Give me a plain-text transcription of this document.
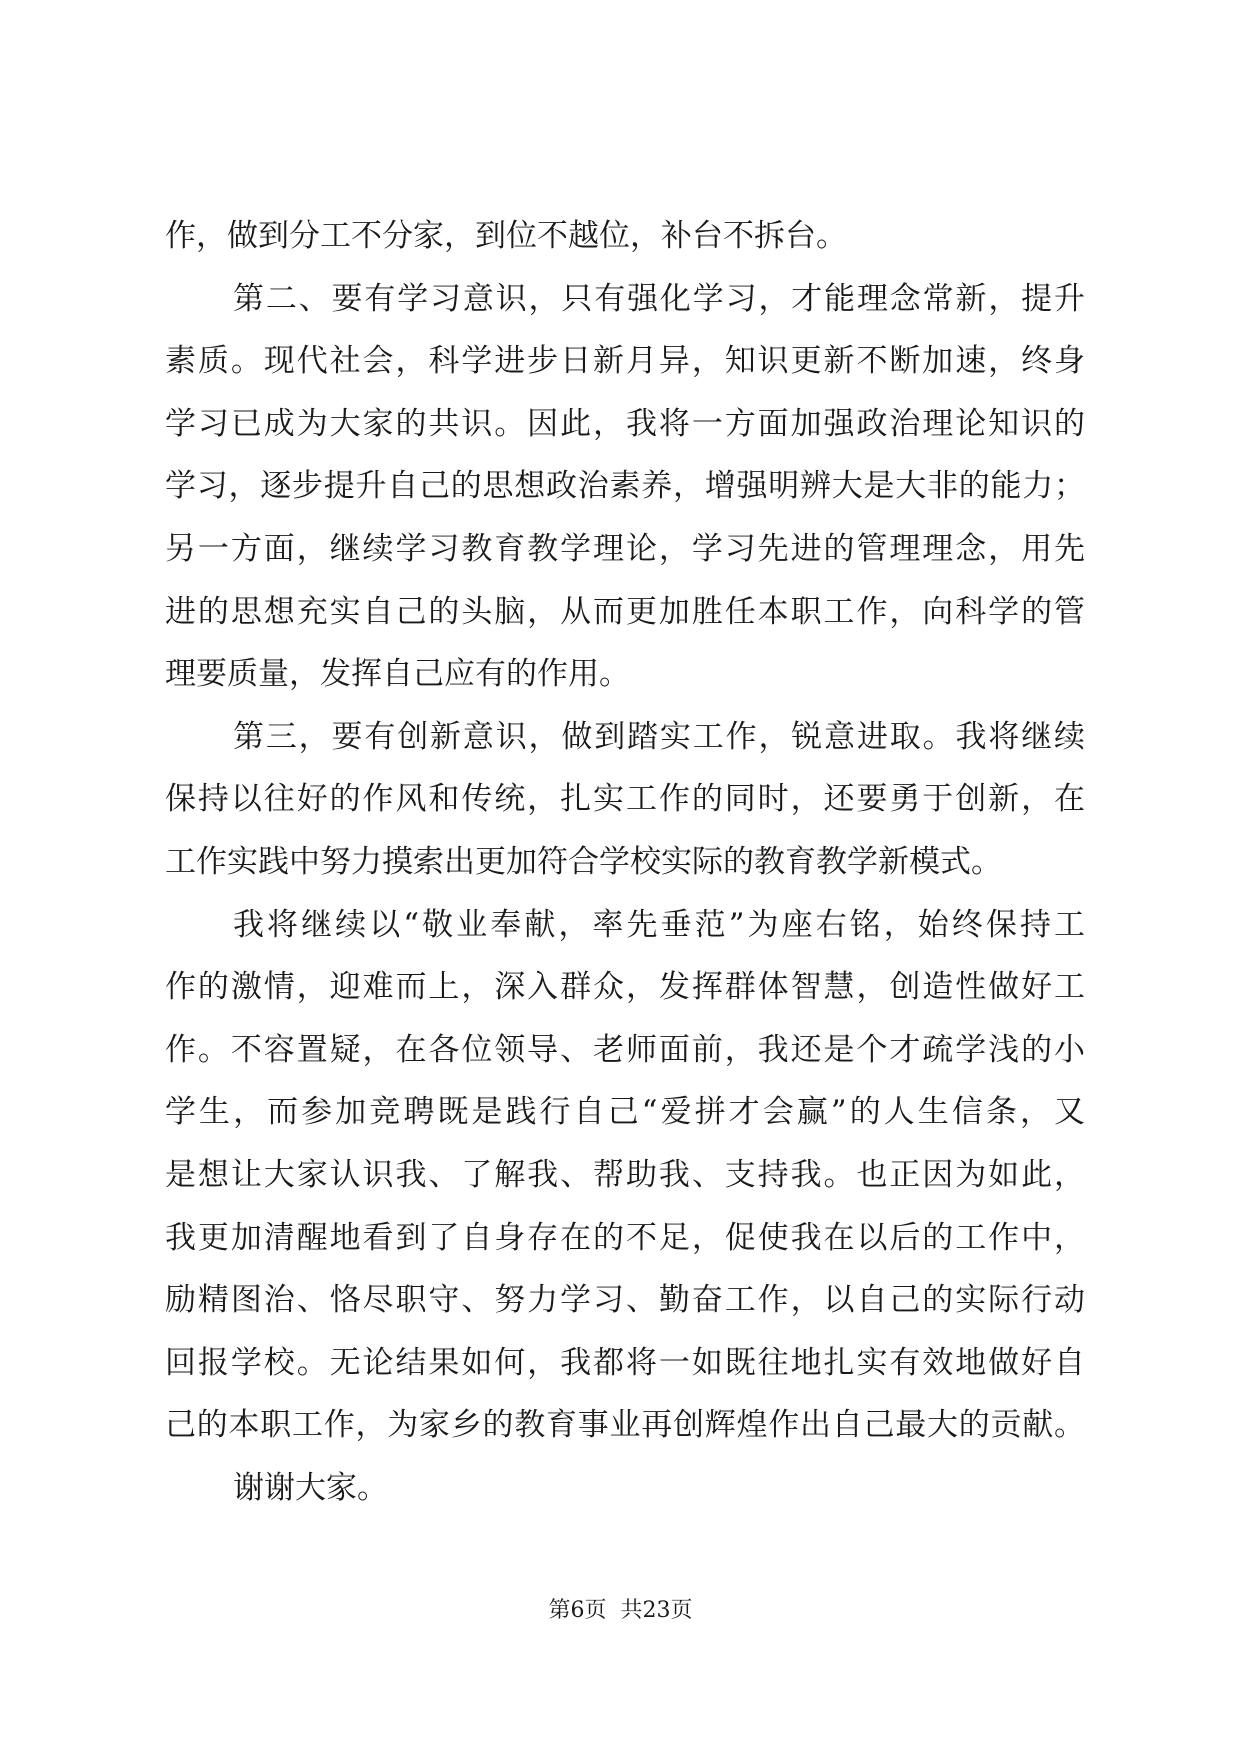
作，做到分工不分家，到位不越位，补台不拆台。
第二、要有学习意识，只有强化学习，才能理念常新，提升
素质。现代社会，科学进步日新月异，知识更新不断加速，终身
学习已成为大家的共识。因此，我将一方面加强政治理论知识的
学习，逐步提升自己的思想政治素养，增强明辨大是大非的能力；
另一方面，继续学习教育教学理论，学习先进的管理理念，用先
进的思想充实自己的头脑，从而更加胜任本职工作，向科学的管
理要质量，发挥自己应有的作用。
第三，要有创新意识，做到踏实工作，锐意进取。我将继续
保持以往好的作风和传统，扎实工作的同时，还要勇于创新，在
工作实践中努力摸索出更加符合学校实际的教育教学新模式。
我将继续以“敬业奉献，率先垂范”为座右铭，始终保持工
作的激情，迎难而上，深入群众，发挥群体智慧，创造性做好工
作。不容置疑，在各位领导、老师面前，我还是个才疏学浅的小
学生，而参加竞聘既是践行自己“爱拼才会赢”的人生信条，又
是想让大家认识我、了解我、帮助我、支持我。也正因为如此，
我更加清醒地看到了自身存在的不足，促使我在以后的工作中，
励精图治、恪尽职守、努力学习、勤奋工作，以自己的实际行动
回报学校。无论结果如何，我都将一如既往地扎实有效地做好自
己的本职工作，为家乡的教育事业再创辉煌作出自己最大的贡献。
谢谢大家。
第6页 共23页
